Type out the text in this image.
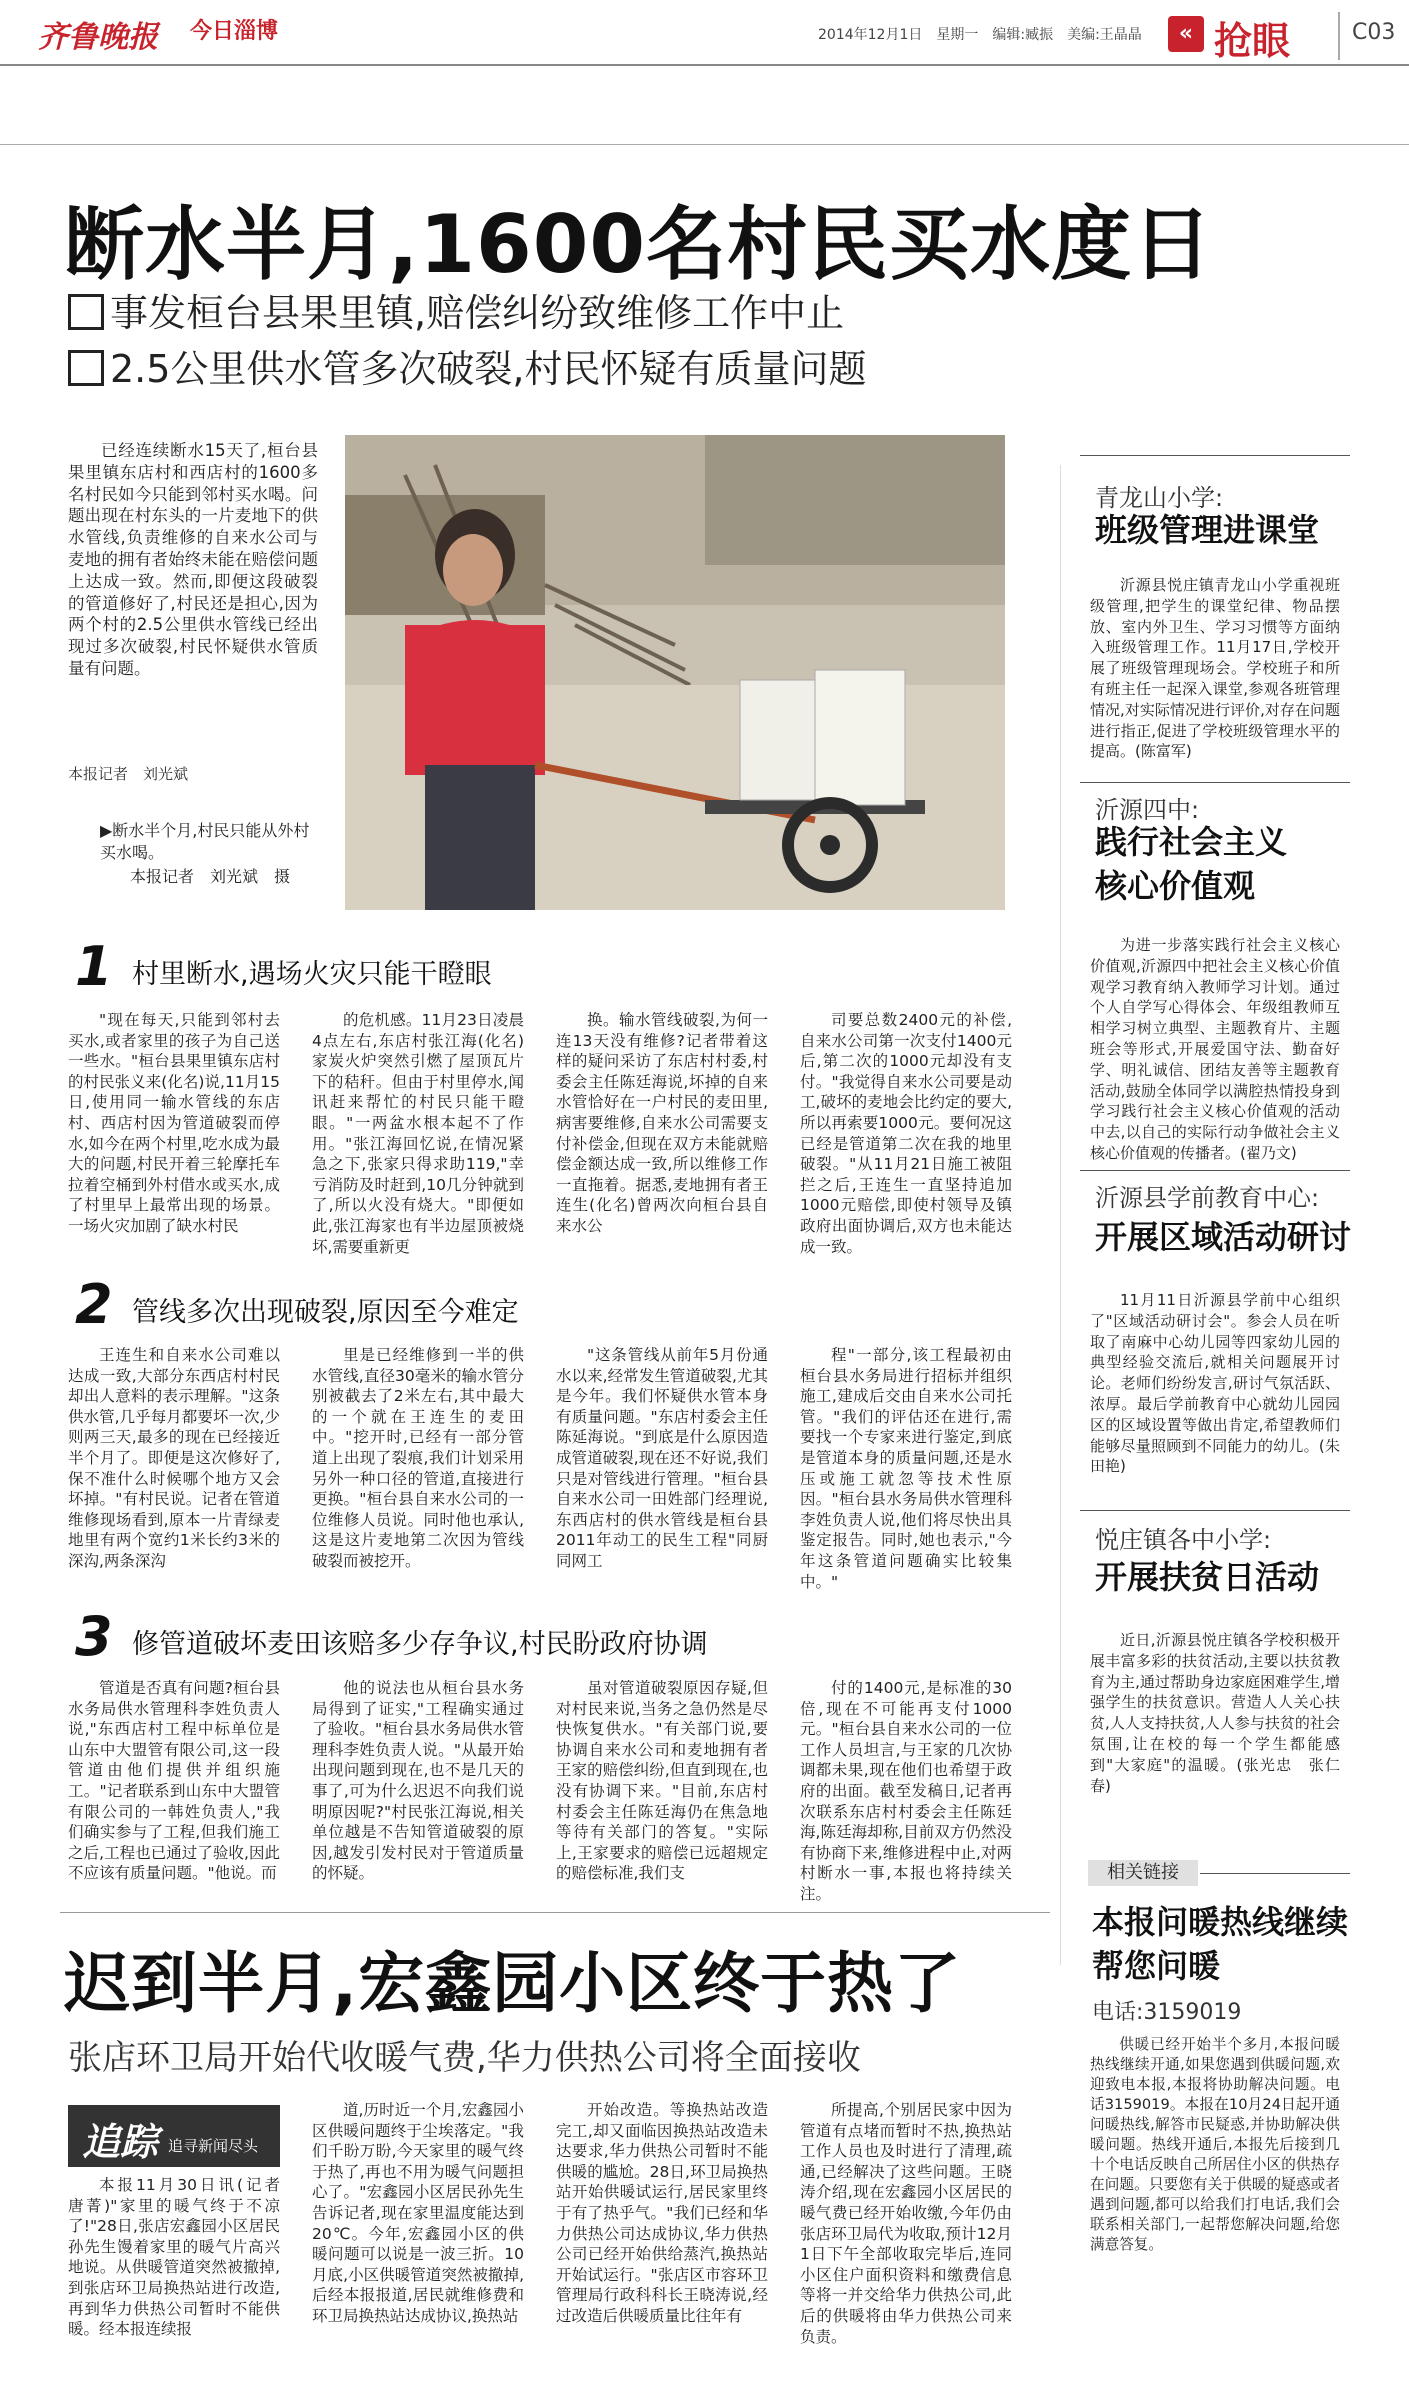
齐鲁晚报 今日淄博	2014年12月1日　星期一　编辑:臧振　美编:王晶晶	« 抢眼	C03
断水半月,1600名村民买水度日
事发桓台县果里镇,赔偿纠纷致维修工作中止
2.5公里供水管多次破裂,村民怀疑有质量问题
已经连续断水15天了,桓台县果里镇东店村和西店村的1600多名村民如今只能到邻村买水喝。问题出现在村东头的一片麦地下的供水管线,负责维修的自来水公司与麦地的拥有者始终未能在赔偿问题上达成一致。然而,即便这段破裂的管道修好了,村民还是担心,因为两个村的2.5公里供水管线已经出现过多次破裂,村民怀疑供水管质量有问题。
本报记者　刘光斌
▶断水半个月,村民只能从外村买水喝。
本报记者　刘光斌　摄
1 村里断水,遇场火灾只能干瞪眼

"现在每天,只能到邻村去买水,或者家里的孩子为自己送一些水。"桓台县果里镇东店村的村民张义来(化名)说,11月15日,使用同一输水管线的东店村、西店村因为管道破裂而停水,如今在两个村里,吃水成为最大的问题,村民开着三轮摩托车拉着空桶到外村借水或买水,成了村里早上最常出现的场景。一场火灾加剧了缺水村民

的危机感。11月23日凌晨4点左右,东店村张江海(化名)家炭火炉突然引燃了屋顶瓦片下的秸秆。但由于村里停水,闻讯赶来帮忙的村民只能干瞪眼。"一两盆水根本起不了作用。"张江海回忆说,在情况紧急之下,张家只得求助119,"幸亏消防及时赶到,10几分钟就到了,所以火没有烧大。"即便如此,张江海家也有半边屋顶被烧坏,需要重新更

换。输水管线破裂,为何一连13天没有维修?记者带着这样的疑问采访了东店村村委,村委会主任陈廷海说,坏掉的自来水管恰好在一户村民的麦田里,病害要维修,自来水公司需要支付补偿金,但现在双方未能就赔偿金额达成一致,所以维修工作一直拖着。据悉,麦地拥有者王连生(化名)曾两次向桓台县自来水公

司要总数2400元的补偿,自来水公司第一次支付1400元后,第二次的1000元却没有支付。"我觉得自来水公司要是动工,破坏的麦地会比约定的要大,所以再索要1000元。要何况这已经是管道第二次在我的地里破裂。"从11月21日施工被阻拦之后,王连生一直坚持追加1000元赔偿,即使村领导及镇政府出面协调后,双方也未能达成一致。

2 管线多次出现破裂,原因至今难定

王连生和自来水公司难以达成一致,大部分东西店村村民却出人意料的表示理解。"这条供水管,几乎每月都要坏一次,少则两三天,最多的现在已经接近半个月了。即便是这次修好了,保不准什么时候哪个地方又会坏掉。"有村民说。记者在管道维修现场看到,原本一片青绿麦地里有两个宽约1米长约3米的深沟,两条深沟

里是已经维修到一半的供水管线,直径30毫米的输水管分别被截去了2米左右,其中最大的一个就在王连生的麦田中。"挖开时,已经有一部分管道上出现了裂痕,我们计划采用另外一种口径的管道,直接进行更换。"桓台县自来水公司的一位维修人员说。同时他也承认,这是这片麦地第二次因为管线破裂而被挖开。

"这条管线从前年5月份通水以来,经常发生管道破裂,尤其是今年。我们怀疑供水管本身有质量问题。"东店村委会主任陈延海说。"到底是什么原因造成管道破裂,现在还不好说,我们只是对管线进行管理。"桓台县自来水公司一田姓部门经理说,东西店村的供水管线是桓台县2011年动工的民生工程"同厨同网工

程"一部分,该工程最初由桓台县水务局进行招标并组织施工,建成后交由自来水公司托管。"我们的评估还在进行,需要找一个专家来进行鉴定,到底是管道本身的质量问题,还是水压或施工就忽等技术性原因。"桓台县水务局供水管理科李姓负责人说,他们将尽快出具鉴定报告。同时,她也表示,"今年这条管道问题确实比较集中。"

3 修管道破坏麦田该赔多少存争议,村民盼政府协调

管道是否真有问题?桓台县水务局供水管理科李姓负责人说,"东西店村工程中标单位是山东中大盟管有限公司,这一段管道由他们提供并组织施工。"记者联系到山东中大盟管有限公司的一韩姓负责人,"我们确实参与了工程,但我们施工之后,工程也已通过了验收,因此不应该有质量问题。"他说。而

他的说法也从桓台县水务局得到了证实,"工程确实通过了验收。"桓台县水务局供水管理科李姓负责人说。"从最开始出现问题到现在,也不是几天的事了,可为什么迟迟不向我们说明原因呢?"村民张江海说,相关单位越是不告知管道破裂的原因,越发引发村民对于管道质量的怀疑。

虽对管道破裂原因存疑,但对村民来说,当务之急仍然是尽快恢复供水。"有关部门说,要协调自来水公司和麦地拥有者王家的赔偿纠纷,但直到现在,也没有协调下来。"目前,东店村村委会主任陈廷海仍在焦急地等待有关部门的答复。"实际上,王家要求的赔偿已远超规定的赔偿标准,我们支

付的1400元,是标准的30倍,现在不可能再支付1000元。"桓台县自来水公司的一位工作人员坦言,与王家的几次协调都未果,现在他们也希望于政府的出面。截至发稿日,记者再次联系东店村村委会主任陈廷海,陈廷海却称,目前双方仍然没有协商下来,维修进程中止,对两村断水一事,本报也将持续关注。

青龙山小学:
班级管理进课堂
沂源县悦庄镇青龙山小学重视班级管理,把学生的课堂纪律、物品摆放、室内外卫生、学习习惯等方面纳入班级管理工作。11月17日,学校开展了班级管理现场会。学校班子和所有班主任一起深入课堂,参观各班管理情况,对实际情况进行评价,对存在问题进行指正,促进了学校班级管理水平的提高。(陈富军)
沂源四中:
践行社会主义核心价值观
为进一步落实践行社会主义核心价值观,沂源四中把社会主义核心价值观学习教育纳入教师学习计划。通过个人自学写心得体会、年级组教师互相学习树立典型、主题教育片、主题班会等形式,开展爱国守法、勤奋好学、明礼诚信、团结友善等主题教育活动,鼓励全体同学以满腔热情投身到学习践行社会主义核心价值观的活动中去,以自己的实际行动争做社会主义核心价值观的传播者。(翟乃文)
沂源县学前教育中心:
开展区域活动研讨
11月11日沂源县学前中心组织了"区域活动研讨会"。参会人员在听取了南麻中心幼儿园等四家幼儿园的典型经验交流后,就相关问题展开讨论。老师们纷纷发言,研讨气氛活跃、浓厚。最后学前教育中心就幼儿园园区的区域设置等做出肯定,希望教师们能够尽量照顾到不同能力的幼儿。(朱田艳)
悦庄镇各中小学:
开展扶贫日活动
近日,沂源县悦庄镇各学校积极开展丰富多彩的扶贫活动,主要以扶贫教育为主,通过帮助身边家庭困难学生,增强学生的扶贫意识。营造人人关心扶贫,人人支持扶贫,人人参与扶贫的社会氛围,让在校的每一个学生都能感到"大家庭"的温暖。(张光忠　张仁春)
相关链接
本报问暖热线继续帮您问暖
电话:3159019
供暖已经开始半个多月,本报问暖热线继续开通,如果您遇到供暖问题,欢迎致电本报,本报将协助解决问题。电话3159019。本报在10月24日起开通问暖热线,解答市民疑惑,并协助解决供暖问题。热线开通后,本报先后接到几十个电话反映自己所居住小区的供热存在问题。只要您有关于供暖的疑惑或者遇到问题,都可以给我们打电话,我们会联系相关部门,一起帮您解决问题,给您满意答复。
迟到半月,宏鑫园小区终于热了
张店环卫局开始代收暖气费,华力供热公司将全面接收
追踪 追寻新闻尽头

本报11月30日讯(记者　唐菁)"家里的暖气终于不凉了!"28日,张店宏鑫园小区居民孙先生馒着家里的暖气片高兴地说。从供暖管道突然被撤掉,到张店环卫局换热站进行改造,再到华力供热公司暂时不能供暖。经本报连续报

道,历时近一个月,宏鑫园小区供暖问题终于尘埃落定。"我们千盼万盼,今天家里的暖气终于热了,再也不用为暖气问题担心了。"宏鑫园小区居民孙先生告诉记者,现在家里温度能达到20℃。今年,宏鑫园小区的供暖问题可以说是一波三折。10月底,小区供暖管道突然被撤掉,后经本报报道,居民就维修费和环卫局换热站达成协议,换热站

开始改造。等换热站改造完工,却又面临因换热站改造未达要求,华力供热公司暂时不能供暖的尴尬。28日,环卫局换热站开始供暖试运行,居民家里终于有了热乎气。"我们已经和华力供热公司达成协议,华力供热公司已经开始供给蒸汽,换热站开始试运行。"张店区市容环卫管理局行政科科长王晓涛说,经过改造后供暖质量比往年有

所提高,个别居民家中因为管道有点堵而暂时不热,换热站工作人员也及时进行了清理,疏通,已经解决了这些问题。王晓涛介绍,现在宏鑫园小区居民的暖气费已经开始收缴,今年仍由张店环卫局代为收取,预计12月1日下午全部收取完毕后,连同小区住户面积资料和缴费信息等将一并交给华力供热公司,此后的供暖将由华力供热公司来负责。
